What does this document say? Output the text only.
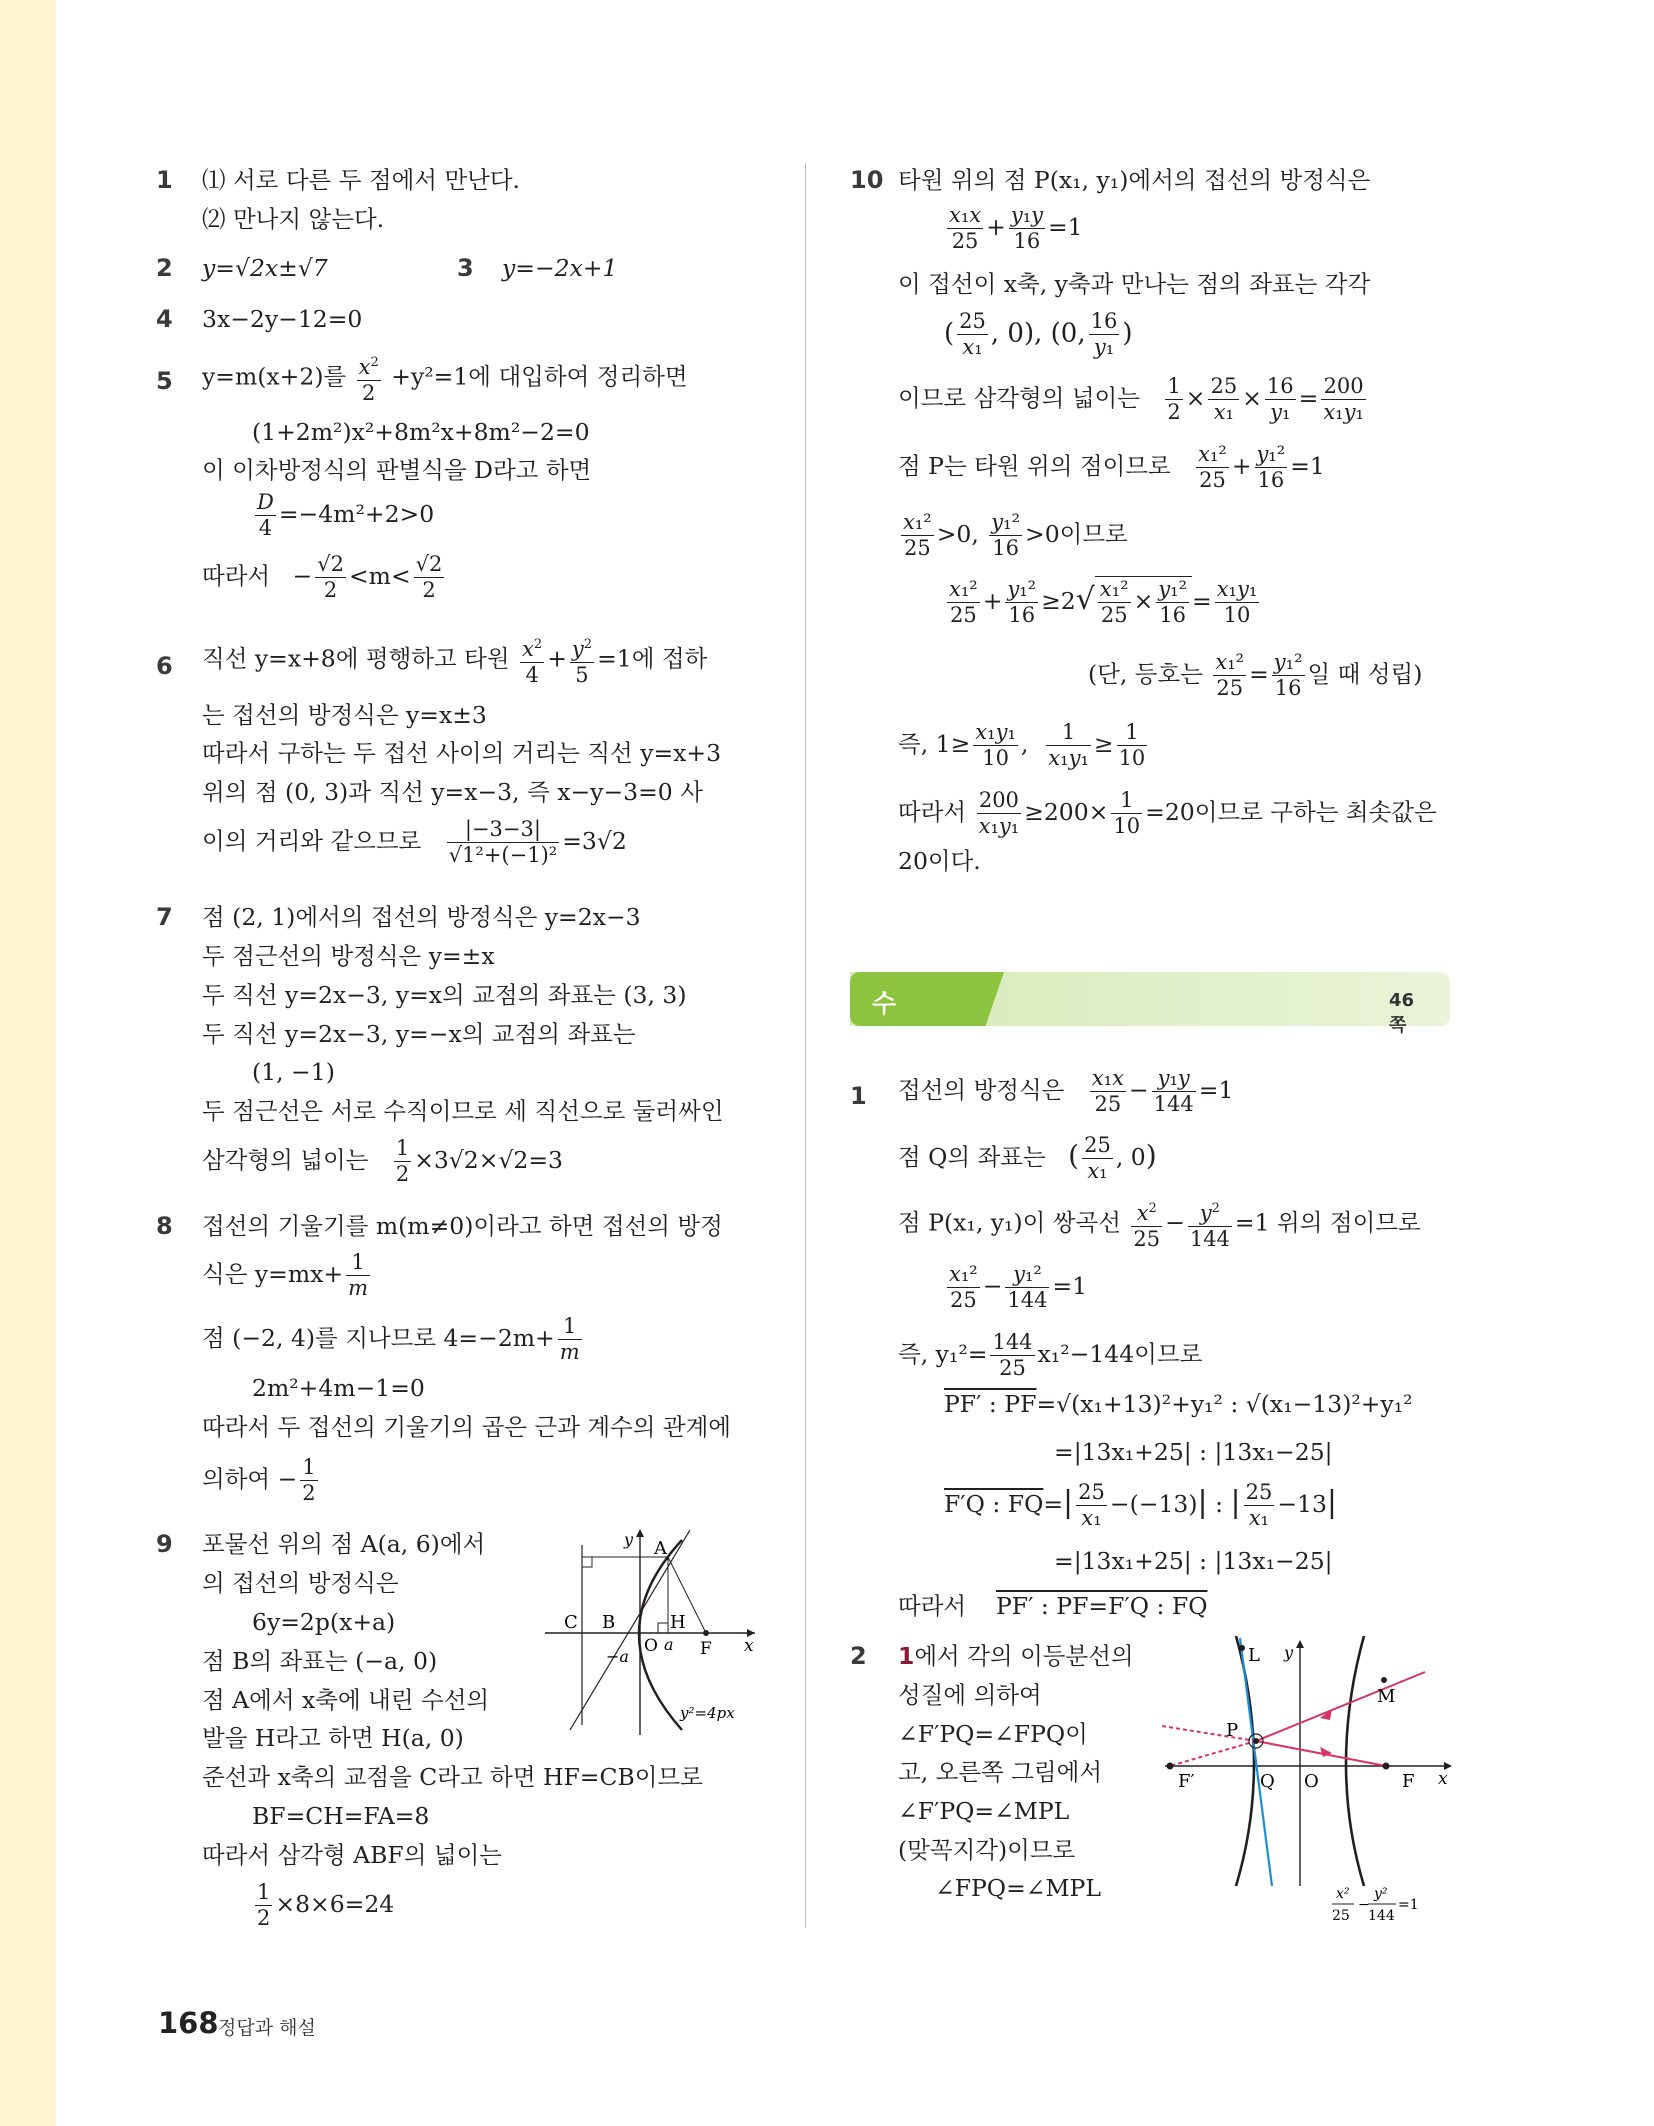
1 ⑴ 서로 다른 두 점에서 만난다.
⑵ 만나지 않는다.
2 y=√2x±√7	3 y=−2x+1
4 3x−2y−12=0
5 y=m(x+2)를 $\frac{x^2}{2} +y^2=1$에 대입하여 정리하면
(1+2m²)x²+8m²x+8m²−2=0
이 이차방정식의 판별식을 D라고 하면
$\frac{D}{4} =-4m^2+2>0$
따라서   − $\frac{√2}{2} <m< \frac{√2}{2}$
6 직선 y=x+8에 평행하고 타원 $\frac{x^2}{4} + \frac{y^2}{5} =1$에 접하
는 접선의 방정식은 y=x±3
따라서 구하는 두 접선 사이의 거리는 직선 y=x+3
위의 점 (0, 3)과 직선 y=x−3, 즉 x−y−3=0 사
이의 거리와 같으므로 $\frac{|-3-3|}{\text{√1²+(−1)²}} =3√2$
7 점 (2, 1)에서의 접선의 방정식은 y=2x−3
두 점근선의 방정식은 y=±x
두 직선 y=2x−3, y=x의 교점의 좌표는 (3, 3)
두 직선 y=2x−3, y=−x의 교점의 좌표는
(1, −1)
두 점근선은 서로 수직이므로 세 직선으로 둘러싸인
삼각형의 넓이는 $\frac{1}{2} \times 3√2\times√2=3$
8 접선의 기울기를 m(m≠0)이라고 하면 접선의 방정
식은 $y=mx+ \frac{1}{m}$
점 (−2, 4)를 지나므로 $4=-2m+ \frac{1}{m}$
2m²+4m−1=0
따라서 두 접선의 기울기의 곱은 근과 계수의 관계에
의하여 − $\frac{1}{2}$
9 포물선 위의 점 A(a, 6)에서
의 접선의 방정식은
6y=2p(x+a)
점 B의 좌표는 (−a, 0)
점 A에서 x축에 내린 수선의
발을 H라고 하면 H(a, 0)
준선과 x축의 교점을 C라고 하면 HF=CB이므로
BF=CH=FA=8
따라서 삼각형 ABF의 넓이는
$\frac{1}{2} \times 8\times 6=24$
A
B
C	H
O F
a
−a
x
y
y²=4px
10 타원 위의 점 P(x₁, y₁)에서의 접선의 방정식은
$\frac{\text{x₁x}}{25} + \frac{\text{y₁y}}{16} =1$
이 접선이 x축, y축과 만나는 점의 좌표는 각각
( $\frac{25}{\text{x₁}}$ , 0), (0, $\frac{16}{\text{y₁}}$ )
이므로 삼각형의 넓이는 $\frac{1}{2} \times \frac{25}{\text{x₁}} \times \frac{16}{\text{y₁}} = \frac{200}{\text{x₁y₁}}$
점 P는 타원 위의 점이므로 $\frac{\text{x₁²}}{25} + \frac{\text{y₁²}}{16} =1$
$\frac{\text{x₁²}}{25} >0$, $\frac{\text{y₁²}}{16} >0$이므로
$\frac{\text{x₁²}}{25} + \frac{\text{y₁²}}{16} \ge 2√ \frac{\text{x₁²}}{25} \times \frac{\text{y₁²}}{16} = \frac{\text{x₁y₁}}{10}$
(단, 등호는 $\frac{\text{x₁²}}{25} = \frac{\text{y₁²}}{16}$ 일 때 성립)
즉, $1\ge \frac{\text{x₁y₁}}{10}$ , $\frac{1}{\text{x₁y₁}} \ge \frac{1}{10}$
따라서 $\frac{200}{\text{x₁y₁}} \ge 200\times \frac{1}{10} =20$이므로 구하는 최솟값은
20이다.
수행 과제
46쪽
1 접선의 방정식은 $\frac{\text{x₁x}}{25} - \frac{\text{y₁y}}{144} =1$
점 Q의 좌표는 ( $\frac{25}{\text{x₁}}$ , 0)
점 P(x₁, y₁)이 쌍곡선 $\frac{x^2}{25} - \frac{y^2}{144} =1$ 위의 점이므로
$\frac{\text{x₁²}}{25} - \frac{\text{y₁²}}{144} =1$
즉, $y_1^2= \frac{144}{25} x_1^2-144$이므로
PF′ : PF=√(x₁+13)²+y₁² : √(x₁−13)²+y₁²
=|13x₁+25| : |13x₁−25|
F′Q : $FQ=| \frac{25}{\text{x₁}} -(-13)|$ : | $\frac{25}{\text{x₁}} -13|$
=|13x₁+25| : |13x₁−25|
따라서 PF′ : PF=F′Q : FQ
2 1에서 각의 이등분선의
성질에 의하여
∠F′PQ=∠FPQ이
고, 오른쪽 그림에서
∠F′PQ=∠MPL
(맞꼭지각)이므로
∠FPQ=∠MPL
L
M
P
Q O	F
F′	x
y
x²
25
−
y²
144
=1
168 정답과 해설
